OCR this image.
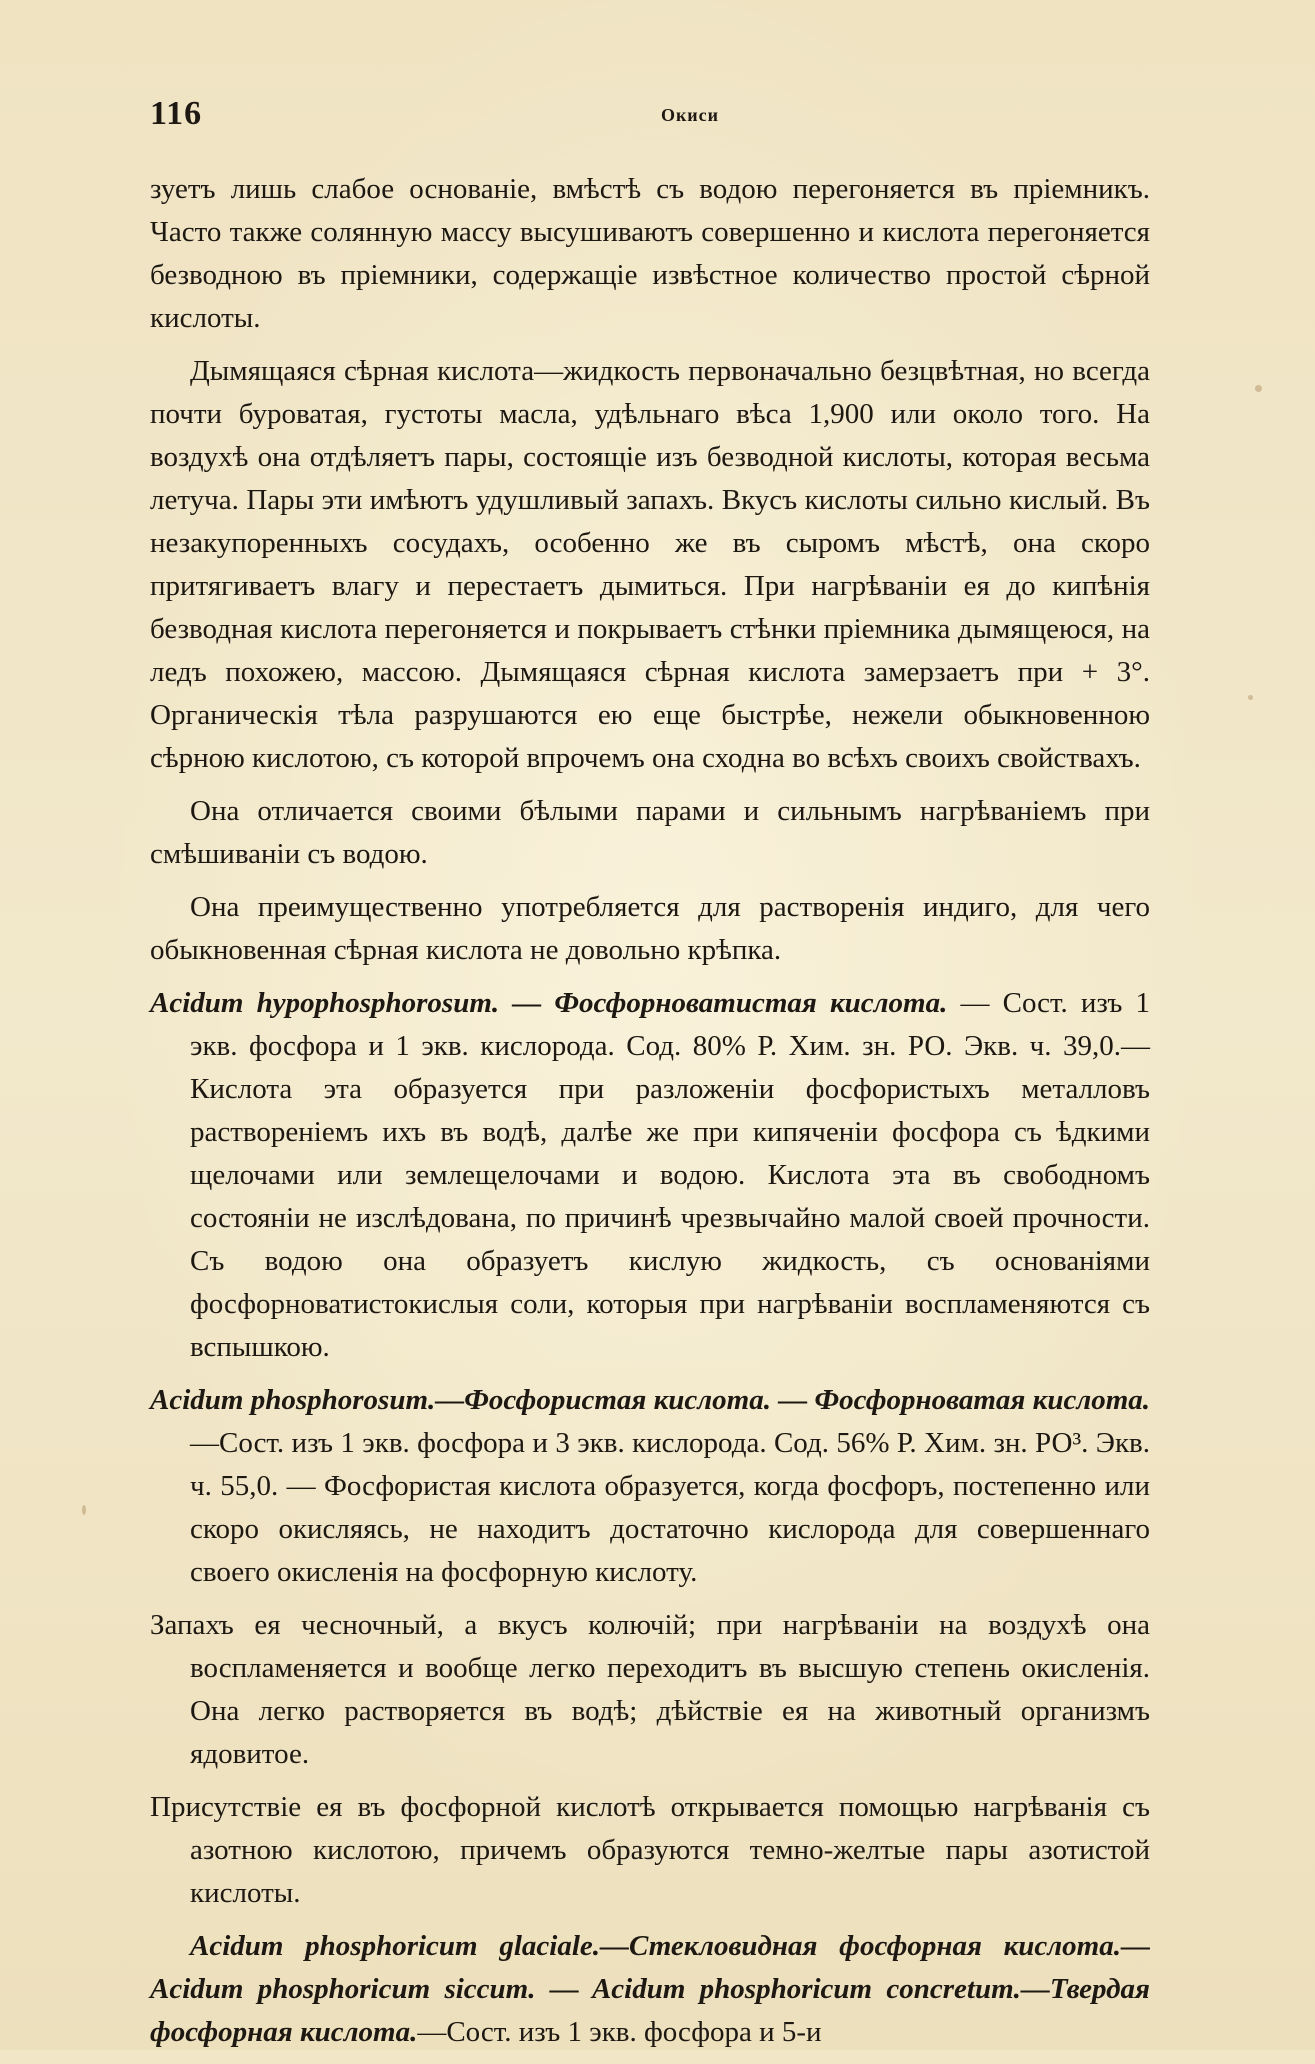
116	Окиси

зуетъ лишь слабое основаніе, вмѣстѣ съ водою перегоняется въ пріемникъ. Часто также солянную массу высушиваютъ совершенно и кислота перегоняется безводною въ пріемники, содержащіе извѣстное количество простой сѣрной кислоты.

Дымящаяся сѣрная кислота—жидкость первоначально безцвѣтная, но всегда почти буроватая, густоты масла, удѣльнаго вѣса 1,900 или около того. На воздухѣ она отдѣляетъ пары, состоящіе изъ безводной кислоты, которая весьма летуча. Пары эти имѣютъ удушливый запахъ. Вкусъ кислоты сильно кислый. Въ незакупоренныхъ сосудахъ, особенно же въ сыромъ мѣстѣ, она скоро притягиваетъ влагу и перестаетъ дымиться. При нагрѣваніи ея до кипѣнія безводная кислота перегоняется и покрываетъ стѣнки пріемника дымящеюся, на ледъ похожею, массою. Дымящаяся сѣрная кислота замерзаетъ при + 3°. Органическія тѣла разрушаются ею еще быстрѣе, нежели обыкновенною сѣрною кислотою, съ которой впрочемъ она сходна во всѣхъ своихъ свойствахъ.

Она отличается своими бѣлыми парами и сильнымъ нагрѣваніемъ при смѣшиваніи съ водою.

Она преимущественно употребляется для растворенія индиго, для чего обыкновенная сѣрная кислота не довольно крѣпка.

Acidum hypophosphorosum. — Фосфорноватистая кислота. — Сост. изъ 1 экв. фосфора и 1 экв. кислорода. Сод. 80% Р. Хим. зн. РО. Экв. ч. 39,0.—Кислота эта образуется при разложеніи фосфористыхъ металловъ раствореніемъ ихъ въ водѣ, далѣе же при кипяченіи фосфора съ ѣдкими щелочами или землещелочами и водою. Кислота эта въ свободномъ состояніи не изслѣдована, по причинѣ чрезвычайно малой своей прочности. Съ водою она образуетъ кислую жидкость, съ основаніями фосфорноватистокислыя соли, которыя при нагрѣваніи воспламеняются съ вспышкою.

Acidum phosphorosum.—Фосфористая кислота. — Фосфорноватая кислота.—Сост. изъ 1 экв. фосфора и 3 экв. кислорода. Сод. 56% Р. Хим. зн. РО³. Экв. ч. 55,0. — Фосфористая кислота образуется, когда фосфоръ, постепенно или скоро окисляясь, не находитъ достаточно кислорода для совершеннаго своего окисленія на фосфорную кислоту.

Запахъ ея чесночный, а вкусъ колючій; при нагрѣваніи на воздухѣ она воспламеняется и вообще легко переходитъ въ высшую степень окисленія. Она легко растворяется въ водѣ; дѣйствіе ея на животный организмъ ядовитое.

Присутствіе ея въ фосфорной кислотѣ открывается помощью нагрѣванія съ азотною кислотою, причемъ образуются темно-желтые пары азотистой кислоты.

Acidum phosphoricum glaciale.—Стекловидная фосфорная кислота.—Acidum phosphoricum siccum. — Acidum phosphoricum concretum.—Твердая фосфорная кислота.—Сост. изъ 1 экв. фосфора и 5-и
